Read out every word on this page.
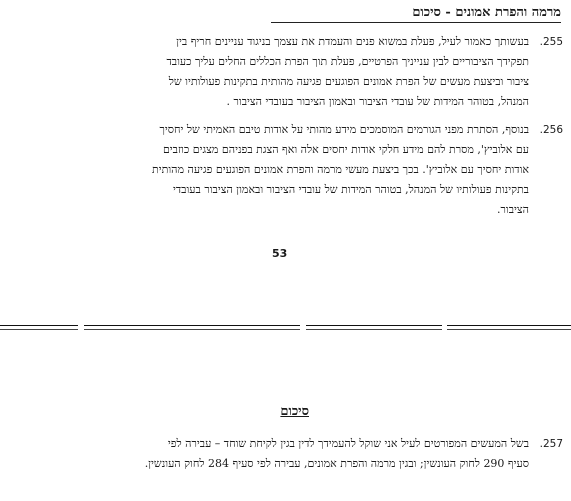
מרמה והפרת אמונים - סיכום
255.
בעשותך כאמור לעיל, פעלת במשוא פנים והעמדת את עצמך בניגוד עניינים חריף בין
תפקידך הציבוריים לבין ענייניך הפרטיים, פעלת תוך הפרת הכללים החלים עליך כעובד
ציבור וביצעת מעשים של הפרת אמונים הפוגעים פגיעה מהותית בתקינות פעולותיו של
המנהל, בטוהר המידות של עובדי הציבור ובאמון הציבור בעובדי הציבור .
256.
בנוסף, הסתרת מפני הגורמים המוסמכים מידע מהותי על אודות טיבם האמיתי של יחסיך
עם אלוביץ', מסרת להם מידע חלקי אודות יחסים אלה ואף הצגת בפניהם מצגים כוזבים
אודות יחסיך עם אלוביץ'. בכך ביצעת מעשי מרמה והפרת אמונים הפוגעים פגיעה מהותית
בתקינות פעולותיו של המנהל, בטוהר המידות של עובדי הציבור ובאמון הציבור בעובדי
הציבור.
53
סיכום
257.
בשל המעשים המפורטים לעיל אני שוקל להעמידך לדין בגין לקיחת שוחד – עבירה לפי
סעיף 290 לחוק העונשין; ובגין מרמה והפרת אמונים, עבירה לפי סעיף 284 לחוק העונשין.
